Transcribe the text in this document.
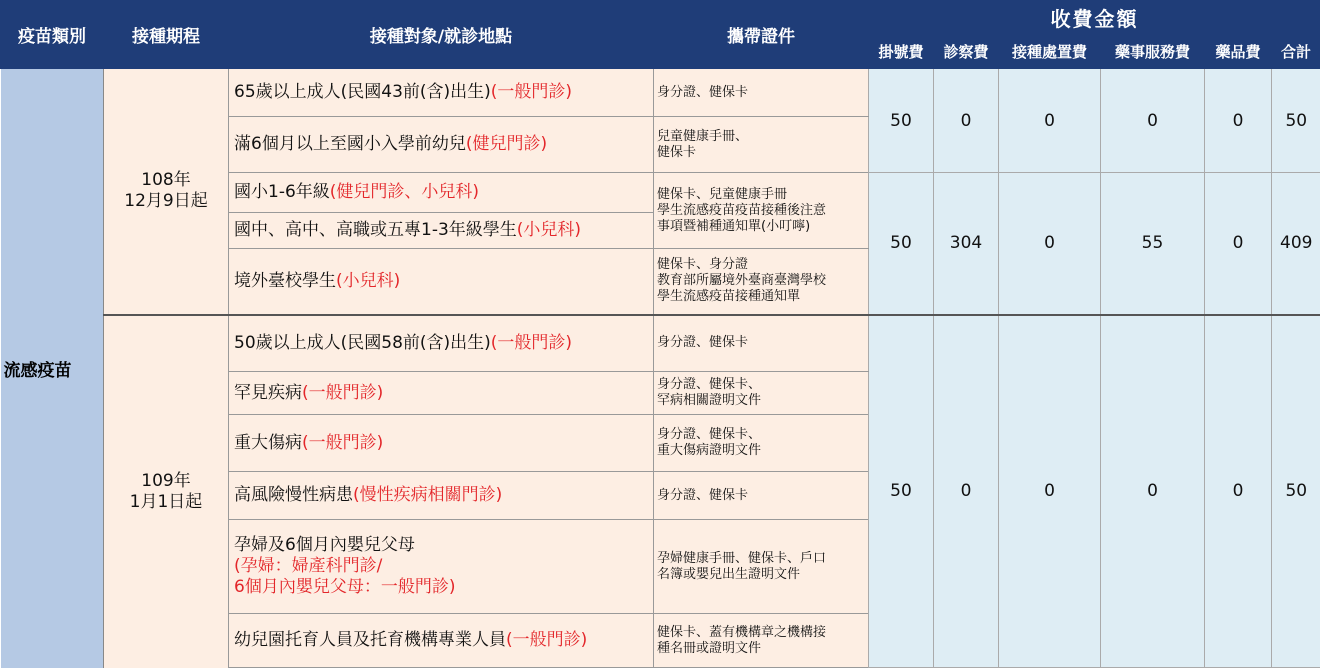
疫苗類別	接種期程	接種對象/就診地點	攜帶證件	收費金額					
				掛號費	診察費	接種處置費	藥事服務費	藥品費	合計
流感疫苗	108年
12月9日起	65歲以上成人(民國43前(含)出生)(一般門診)	身分證、健保卡	50	0	0	0	0	50
		滿6個月以上至國小入學前幼兒(健兒門診)	兒童健康手冊、
健保卡						
		國小1-6年級(健兒門診、小兒科)	健保卡、兒童健康手冊
學生流感疫苗疫苗接種後注意
事項暨補種通知單(小叮嚀)	50	304	0	55	0	409
		國中、高中、高職或五專1-3年級學生(小兒科)							
		境外臺校學生(小兒科)	健保卡、身分證
教育部所屬境外臺商臺灣學校
學生流感疫苗接種通知單						
	109年
1月1日起	50歲以上成人(民國58前(含)出生)(一般門診)	身分證、健保卡	50	0	0	0	0	50
		罕見疾病(一般門診)	身分證、健保卡、
罕病相關證明文件						
		重大傷病(一般門診)	身分證、健保卡、
重大傷病證明文件						
		高風險慢性病患(慢性疾病相關門診)	身分證、健保卡						
		孕婦及6個月內嬰兒父母
(孕婦：婦產科門診/
6個月內嬰兒父母：一般門診)	孕婦健康手冊、健保卡、戶口
名簿或嬰兒出生證明文件						
		幼兒園托育人員及托育機構專業人員(一般門診)	健保卡、蓋有機構章之機構接
種名冊或證明文件						
